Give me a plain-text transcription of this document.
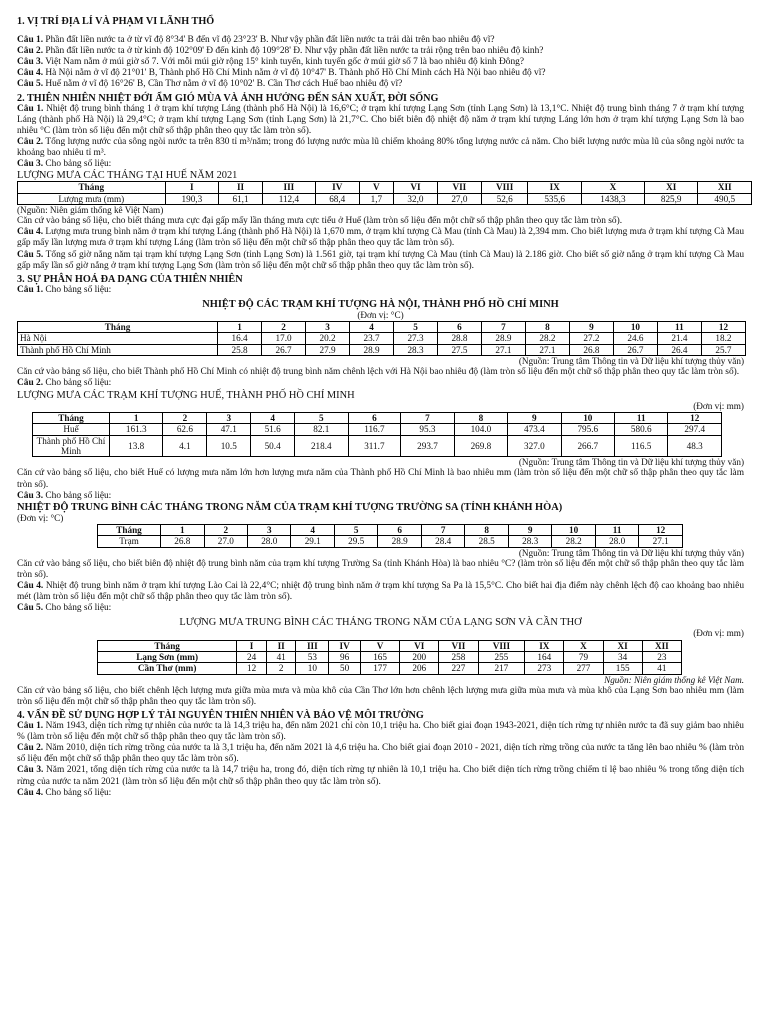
1. VỊ TRÍ ĐỊA LÍ VÀ PHẠM VI LÃNH THỔ
Câu 1. Phần đất liền nước ta ở từ vĩ độ 8°34' B đến vĩ độ 23°23' B. Như vậy phần đất liền nước ta trải dài trên bao nhiêu độ vĩ?
Câu 2. Phần đất liền nước ta ở từ kinh độ 102°09' Đ đến kinh độ 109°28' Đ. Như vậy phần đất liền nước ta trải rộng trên bao nhiêu độ kinh?
Câu 3. Việt Nam nằm ở múi giờ số 7. Với mỗi múi giờ rộng 15° kinh tuyến, kinh tuyến gốc ở múi giờ số 7 là bao nhiêu độ kinh Đông?
Câu 4. Hà Nội nằm ở vĩ độ 21°01' B, Thành phố Hồ Chí Minh nằm ở vĩ độ 10°47' B. Thành phố Hồ Chí Minh cách Hà Nội bao nhiêu độ vĩ?
Câu 5. Huế nằm ở vĩ độ 16°26' B, Cần Thơ nằm ở vĩ độ 10°02' B. Cần Thơ cách Huế bao nhiêu độ vĩ?
2. THIÊN NHIÊN NHIỆT ĐỚI ẨM GIÓ MÙA VÀ ẢNH HƯỞNG ĐẾN SẢN XUẤT, ĐỜI SỐNG
Câu 1. Nhiệt độ trung bình tháng 1 ở trạm khí tượng Láng (thành phố Hà Nội) là 16,6°C; ở trạm khí tượng Lạng Sơn (tỉnh Lạng Sơn) là 13,1°C. Nhiệt độ trung bình tháng 7 ở trạm khí tượng Láng (thành phố Hà Nội) là 29,4°C; ở trạm khí tượng Lạng Sơn (tỉnh Lạng Sơn) là 21,7°C. Cho biết biên độ nhiệt độ năm ở trạm khí tượng Láng lớn hơn ở trạm khí tượng Lạng Sơn là bao nhiêu °C (làm tròn số liệu đến một chữ số thập phân theo quy tắc làm tròn số).
Câu 2. Tổng lượng nước của sông ngòi nước ta trên 830 tỉ m³/năm; trong đó lượng nước mùa lũ chiếm khoảng 80% tổng lượng nước cả năm. Cho biết lượng nước mùa lũ của sông ngòi nước ta khoảng bao nhiêu tỉ m³.
Câu 3. Cho bảng số liệu:
LƯỢNG MƯA CÁC THÁNG TẠI HUẾ NĂM 2021
Tháng	I	II	III	IV	V	VI	VII	VIII	IX	X	XI	XII
Lượng mưa (mm)	190,3	61,1	112,4	68,4	1,7	32,0	27,0	52,6	535,6	1438,3	825,9	490,5
(Nguồn: Niên giám thống kê Việt Nam)
Căn cứ vào bảng số liệu, cho biết tháng mưa cực đại gấp mấy lần tháng mưa cực tiểu ở Huế (làm tròn số liệu đến một chữ số thập phân theo quy tắc làm tròn số).
Câu 4. Lượng mưa trung bình năm ở trạm khí tượng Láng (thành phố Hà Nội) là 1,670 mm, ở trạm khí tượng Cà Mau (tỉnh Cà Mau) là 2,394 mm. Cho biết lượng mưa ở trạm khí tượng Cà Mau gấp mấy lần lượng mưa ở trạm khí tượng Láng (làm tròn số liệu đến một chữ số thập phân theo quy tắc làm tròn số).
Câu 5. Tổng số giờ nắng năm tại trạm khí tượng Lạng Sơn (tỉnh Lạng Sơn) là 1.561 giờ, tại trạm khí tượng Cà Mau (tỉnh Cà Mau) là 2.186 giờ. Cho biết số giờ nắng ở trạm khí tượng Cà Mau gấp mấy lần số giờ nắng ở trạm khí tượng Lạng Sơn (làm tròn số liệu đến một chữ số thập phân theo quy tắc làm tròn số).
3. SỰ PHÂN HOÁ ĐA DẠNG CỦA THIÊN NHIÊN
Câu 1. Cho bảng số liệu:
NHIỆT ĐỘ CÁC TRẠM KHÍ TƯỢNG HÀ NỘI, THÀNH PHỐ HỒ CHÍ MINH
(Đơn vị: °C)
Tháng	1	2	3	4	5	6	7	8	9	10	11	12
Hà Nội	16.4	17.0	20.2	23.7	27.3	28.8	28.9	28.2	27.2	24.6	21.4	18.2
Thành phố Hồ Chí Minh	25.8	26.7	27.9	28.9	28.3	27.5	27.1	27.1	26.8	26.7	26.4	25.7
(Nguồn: Trung tâm Thông tin và Dữ liệu khí tượng thủy văn)
Căn cứ vào bảng số liệu, cho biết Thành phố Hồ Chí Minh có nhiệt độ trung bình năm chênh lệch với Hà Nội bao nhiêu độ (làm tròn số liệu đến một chữ số thập phân theo quy tắc làm tròn số).
Câu 2. Cho bảng số liệu:
LƯỢNG MƯA CÁC TRẠM KHÍ TƯỢNG HUẾ, THÀNH PHỐ HỒ CHÍ MINH
(Đơn vị: mm)
Tháng	1	2	3	4	5	6	7	8	9	10	11	12
Huế	161.3	62.6	47.1	51.6	82.1	116.7	95.3	104.0	473.4	795.6	580.6	297.4
Thành phố Hồ Chí Minh	13.8	4.1	10.5	50.4	218.4	311.7	293.7	269.8	327.0	266.7	116.5	48.3
(Nguồn: Trung tâm Thông tin và Dữ liệu khí tượng thủy văn)
Căn cứ vào bảng số liệu, cho biết Huế có lượng mưa năm lớn hơn lượng mưa năm của Thành phố Hồ Chí Minh là bao nhiêu mm (làm tròn số liệu đến một chữ số thập phân theo quy tắc làm tròn số).
Câu 3. Cho bảng số liệu:
NHIỆT ĐỘ TRUNG BÌNH CÁC THÁNG TRONG NĂM CỦA TRẠM KHÍ TƯỢNG TRƯỜNG SA (TỈNH KHÁNH HÒA)
(Đơn vị: °C)
Tháng	1	2	3	4	5	6	7	8	9	10	11	12
Trạm	26.8	27.0	28.0	29.1	29.5	28.9	28.4	28.5	28.3	28.2	28.0	27.1
(Nguồn: Trung tâm Thông tin và Dữ liệu khí tượng thủy văn)
Căn cứ vào bảng số liệu, cho biết biên độ nhiệt độ trung bình năm của trạm khí tượng Trường Sa (tỉnh Khánh Hòa) là bao nhiêu °C? (làm tròn số liệu đến một chữ số thập phân theo quy tắc làm tròn số).
Câu 4. Nhiệt độ trung bình năm ở trạm khí tượng Lào Cai là 22,4°C; nhiệt độ trung bình năm ở trạm khí tượng Sa Pa là 15,5°C. Cho biết hai địa điểm này chênh lệch độ cao khoảng bao nhiêu mét (làm tròn số liệu đến một chữ số thập phân theo quy tắc làm tròn số).
Câu 5. Cho bảng số liệu:
LƯỢNG MƯA TRUNG BÌNH CÁC THÁNG TRONG NĂM CỦA LẠNG SƠN VÀ CẦN THƠ
(Đơn vị: mm)
Tháng	I	II	III	IV	V	VI	VII	VIII	IX	X	XI	XII
Lạng Sơn (mm)	24	41	53	96	165	200	258	255	164	79	34	23
Cần Thơ (mm)	12	2	10	50	177	206	227	217	273	277	155	41
Nguồn: Niên giám thống kê Việt Nam.
Căn cứ vào bảng số liệu, cho biết chênh lệch lượng mưa giữa mùa mưa và mùa khô của Cần Thơ lớn hơn chênh lệch lượng mưa giữa mùa mưa và mùa khô của Lạng Sơn bao nhiêu mm (làm tròn số liệu đến một chữ số thập phân theo quy tắc làm tròn số).
4. VẤN ĐỀ SỬ DỤNG HỢP LÝ TÀI NGUYÊN THIÊN NHIÊN VÀ BẢO VỆ MÔI TRƯỜNG
Câu 1. Năm 1943, diện tích rừng tự nhiên của nước ta là 14,3 triệu ha, đến năm 2021 chỉ còn 10,1 triệu ha. Cho biết giai đoạn 1943-2021, diện tích rừng tự nhiên nước ta đã suy giảm bao nhiêu % (làm tròn số liệu đến một chữ số thập phân theo quy tắc làm tròn số).
Câu 2. Năm 2010, diện tích rừng trồng của nước ta là 3,1 triệu ha, đến năm 2021 là 4,6 triệu ha. Cho biết giai đoạn 2010 - 2021, diện tích rừng trồng của nước ta tăng lên bao nhiêu % (làm tròn số liệu đến một chữ số thập phân theo quy tắc làm tròn số).
Câu 3. Năm 2021, tổng diện tích rừng của nước ta là 14,7 triệu ha, trong đó, diện tích rừng tự nhiên là 10,1 triệu ha. Cho biết diện tích rừng trồng chiếm tỉ lệ bao nhiêu % trong tổng diện tích rừng của nước ta năm 2021 (làm tròn số liệu đến một chữ số thập phân theo quy tắc làm tròn số).
Câu 4. Cho bảng số liệu:
